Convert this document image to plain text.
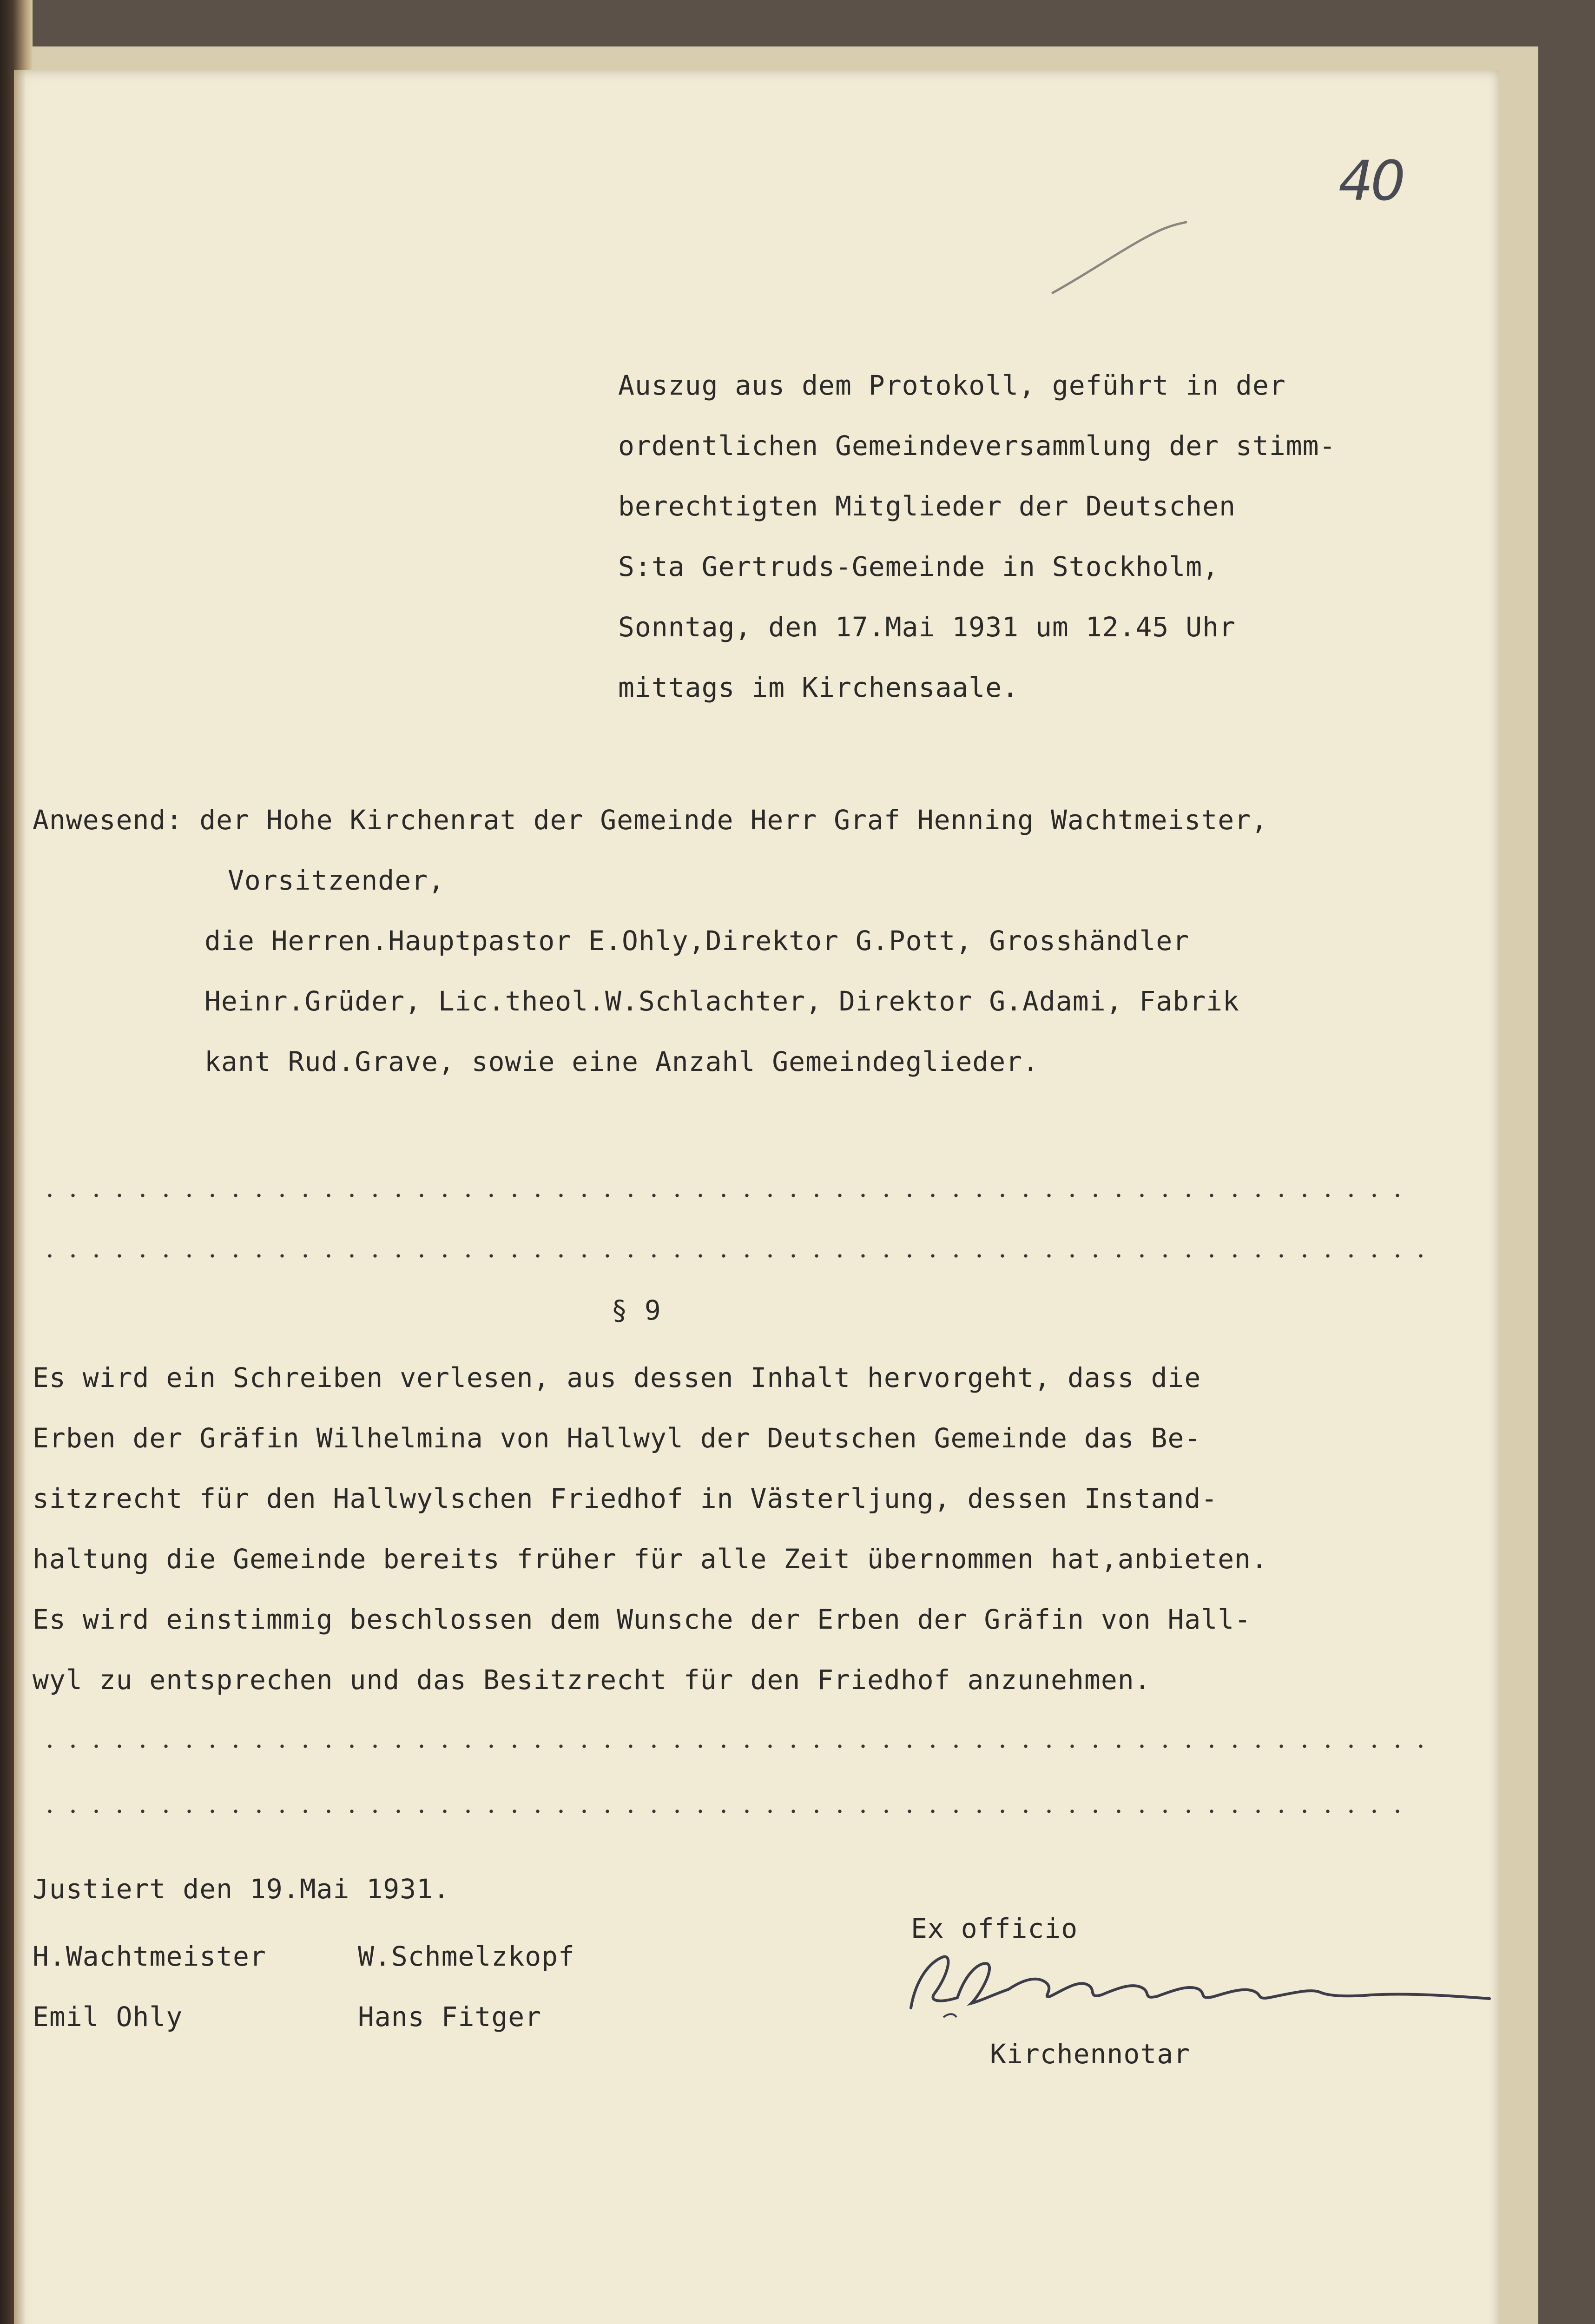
40

Auszug aus dem Protokoll, geführt in der

ordentlichen Gemeindeversammlung der stimm-

berechtigten Mitglieder der Deutschen

S:ta Gertruds-Gemeinde in Stockholm,

Sonntag, den 17.Mai 1931 um 12.45 Uhr

mittags im Kirchensaale.

Anwesend: der Hohe Kirchenrat der Gemeinde Herr Graf Henning Wachtmeister,

Vorsitzender,

die Herren.Hauptpastor E.Ohly,Direktor G.Pott, Grosshändler

Heinr.Grüder, Lic.theol.W.Schlachter, Direktor G.Adami, Fabrik

kant Rud.Grave, sowie eine Anzahl Gemeindeglieder.

§ 9

Es wird ein Schreiben verlesen, aus dessen Inhalt hervorgeht, dass die

Erben der Gräfin Wilhelmina von Hallwyl der Deutschen Gemeinde das Be-

sitzrecht für den Hallwylschen Friedhof in Västerljung, dessen Instand-

haltung die Gemeinde bereits früher für alle Zeit übernommen hat,anbieten.

Es wird einstimmig beschlossen dem Wunsche der Erben der Gräfin von Hall-

wyl zu entsprechen und das Besitzrecht für den Friedhof anzunehmen.

Justiert den 19.Mai 1931.

H.Wachtmeister	W.Schmelzkopf

Emil Ohly	Hans Fitger

Ex officio

Kirchennotar
